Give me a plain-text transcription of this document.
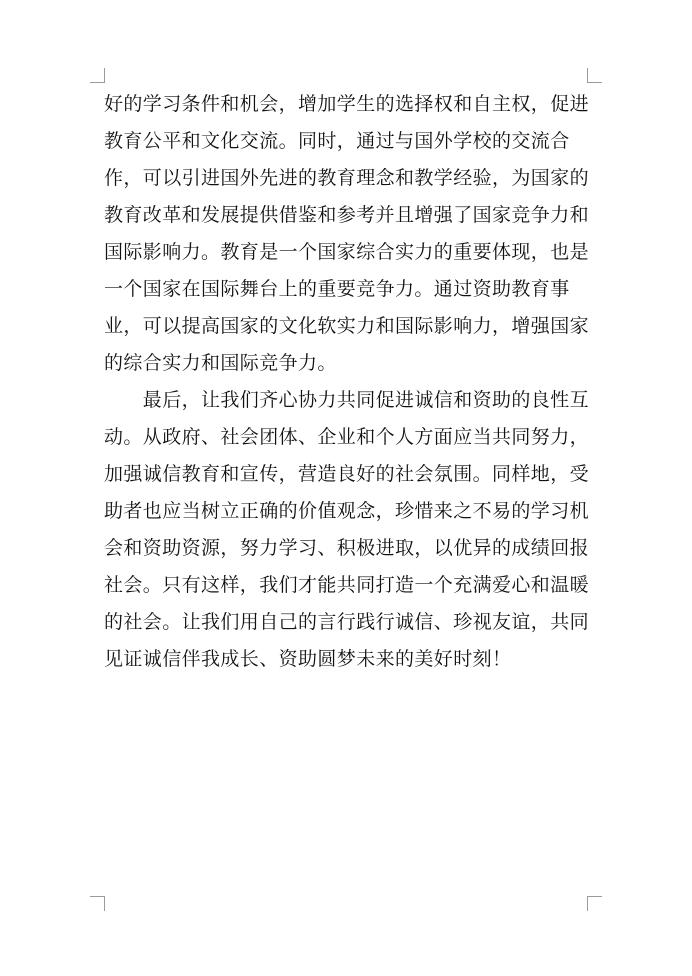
好的学习条件和机会，增加学生的选择权和自主权，促进
教育公平和文化交流。同时，通过与国外学校的交流合
作，可以引进国外先进的教育理念和教学经验，为国家的
教育改革和发展提供借鉴和参考并且增强了国家竞争力和
国际影响力。教育是一个国家综合实力的重要体现，也是
一个国家在国际舞台上的重要竞争力。通过资助教育事
业，可以提高国家的文化软实力和国际影响力，增强国家
的综合实力和国际竞争力。
　　最后，让我们齐心协力共同促进诚信和资助的良性互
动。从政府、社会团体、企业和个人方面应当共同努力，
加强诚信教育和宣传，营造良好的社会氛围。同样地，受
助者也应当树立正确的价值观念，珍惜来之不易的学习机
会和资助资源，努力学习、积极进取，以优异的成绩回报
社会。只有这样，我们才能共同打造一个充满爱心和温暖
的社会。让我们用自己的言行践行诚信、珍视友谊，共同
见证诚信伴我成长、资助圆梦未来的美好时刻！
